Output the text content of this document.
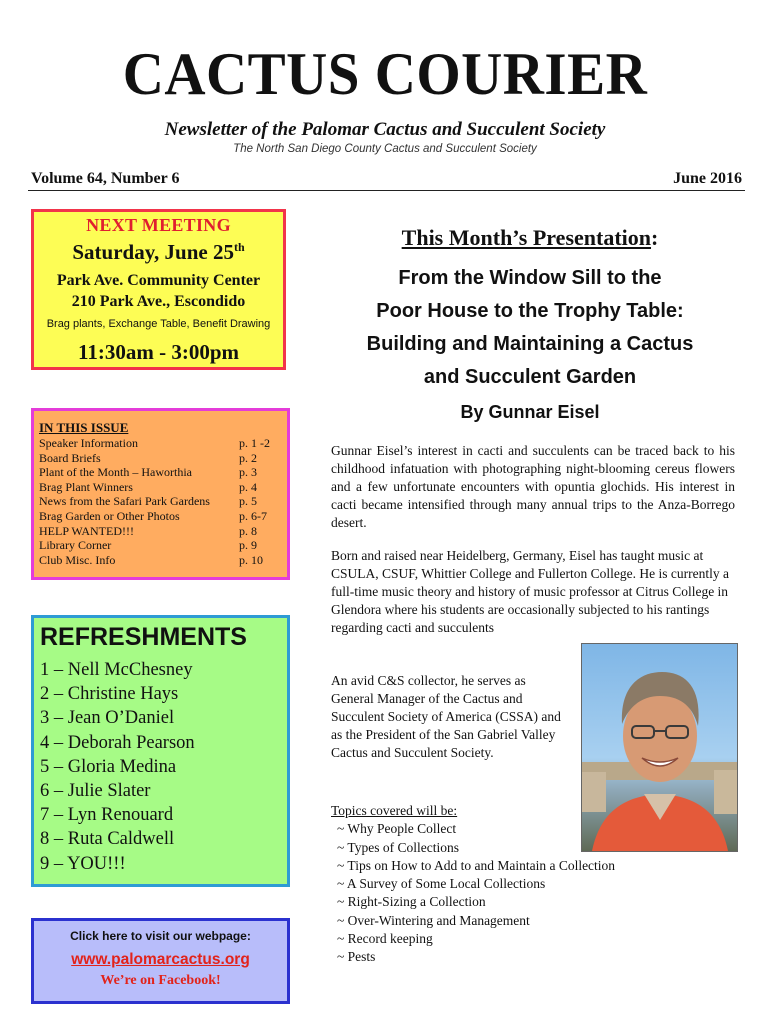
CACTUS COURIER
Newsletter of the Palomar Cactus and Succulent Society
The North San Diego County Cactus and Succulent Society
Volume 64, Number 6	June 2016
NEXT MEETING
Saturday, June 25th
Park Ave. Community Center
210 Park Ave., Escondido
Brag plants, Exchange Table, Benefit Drawing
11:30am - 3:00pm
IN THIS ISSUE
Speaker Information	p. 1 -2
Board Briefs	p. 2
Plant of the Month – Haworthia	p. 3
Brag Plant Winners	p. 4
News from the Safari Park Gardens	p. 5
Brag Garden or Other Photos	p. 6-7
HELP WANTED!!!	p. 8
Library Corner	p. 9
Club Misc. Info	p. 10
REFRESHMENTS
1 – Nell McChesney
2 – Christine Hays
3 – Jean O’Daniel
4 – Deborah Pearson
5 – Gloria Medina
6 – Julie Slater
7 – Lyn Renouard
8 – Ruta Caldwell
9 – YOU!!!
Click here to visit our webpage:
www.palomarcactus.org
We’re on Facebook!
This Month’s Presentation:
From the Window Sill to the
Poor House to the Trophy Table:
Building and Maintaining a Cactus
and Succulent Garden
By Gunnar Eisel
Gunnar Eisel’s interest in cacti and succulents can be traced back to his childhood infatuation with photographing night-blooming cereus flowers and a few unfortunate encounters with opuntia glochids. His interest in cacti became intensified through many annual trips to the Anza-Borrego desert.
Born and raised near Heidelberg, Germany, Eisel has taught music at CSULA, CSUF, Whittier College and Fullerton College. He is currently a full-time music theory and history of music professor at Citrus College in Glendora where his students are occasionally subjected to his rantings regarding cacti and succulents
An avid C&S collector, he serves as General Manager of the Cactus and Succulent Society of America (CSSA) and as the President of the San Gabriel Valley Cactus and Succulent Society.
Topics covered will be:
~ Why People Collect
~ Types of Collections
~ Tips on How to Add to and Maintain a Collection
~ A Survey of Some Local Collections
~ Right-Sizing a Collection
~ Over-Wintering and Management
~ Record keeping
~ Pests
